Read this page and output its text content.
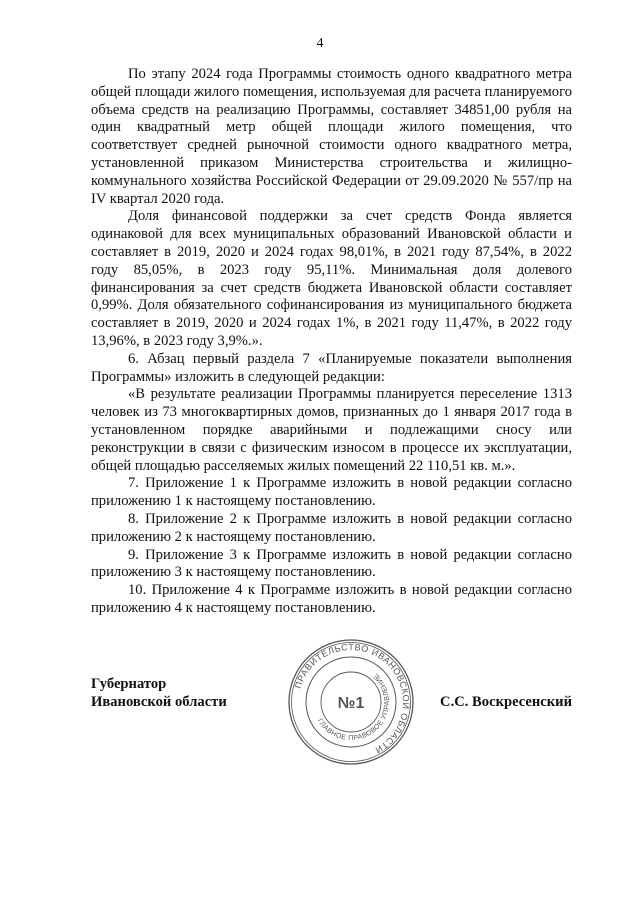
4

По этапу 2024 года Программы стоимость одного квадратного метра общей площади жилого помещения, используемая для расчета планируемого объема средств на реализацию Программы, составляет 34851,00 рубля на один квадратный метр общей площади жилого помещения, что соответствует средней рыночной стоимости одного квадратного метра, установленной приказом Министерства строительства и жилищно-коммунального хозяйства Российской Федерации от 29.09.2020 № 557/пр на IV квартал 2020 года.

Доля финансовой поддержки за счет средств Фонда является одинаковой для всех муниципальных образований Ивановской области и составляет в 2019, 2020 и 2024 годах 98,01%, в 2021 году 87,54%, в 2022 году 85,05%, в 2023 году 95,11%. Минимальная доля долевого финансирования за счет средств бюджета Ивановской области составляет 0,99%. Доля обязательного софинансирования из муниципального бюджета составляет в 2019, 2020 и 2024 годах 1%, в 2021 году 11,47%, в 2022 году 13,96%, в 2023 году 3,9%.».

6. Абзац первый раздела 7 «Планируемые показатели выполнения Программы» изложить в следующей редакции:

«В результате реализации Программы планируется переселение 1313 человек из 73 многоквартирных домов, признанных до 1 января 2017 года в установленном порядке аварийными и подлежащими сносу или реконструкции в связи с физическим износом в процессе их эксплуатации, общей площадью расселяемых жилых помещений 22 110,51 кв. м.».

7. Приложение 1 к Программе изложить в новой редакции согласно приложению 1 к настоящему постановлению.

8. Приложение 2 к Программе изложить в новой редакции согласно приложению 2 к настоящему постановлению.

9. Приложение 3 к Программе изложить в новой редакции согласно приложению 3 к настоящему постановлению.

10. Приложение 4 к Программе изложить в новой редакции согласно приложению 4 к настоящему постановлению.

Губернатор
Ивановской области	С.С. Воскресенский
ПРАВИТЕЛЬСТВО ИВАНОВСКОЙ ОБЛАСТИ
ГЛАВНОЕ ПРАВОВОЕ УПРАВЛЕНИЕ
№1
